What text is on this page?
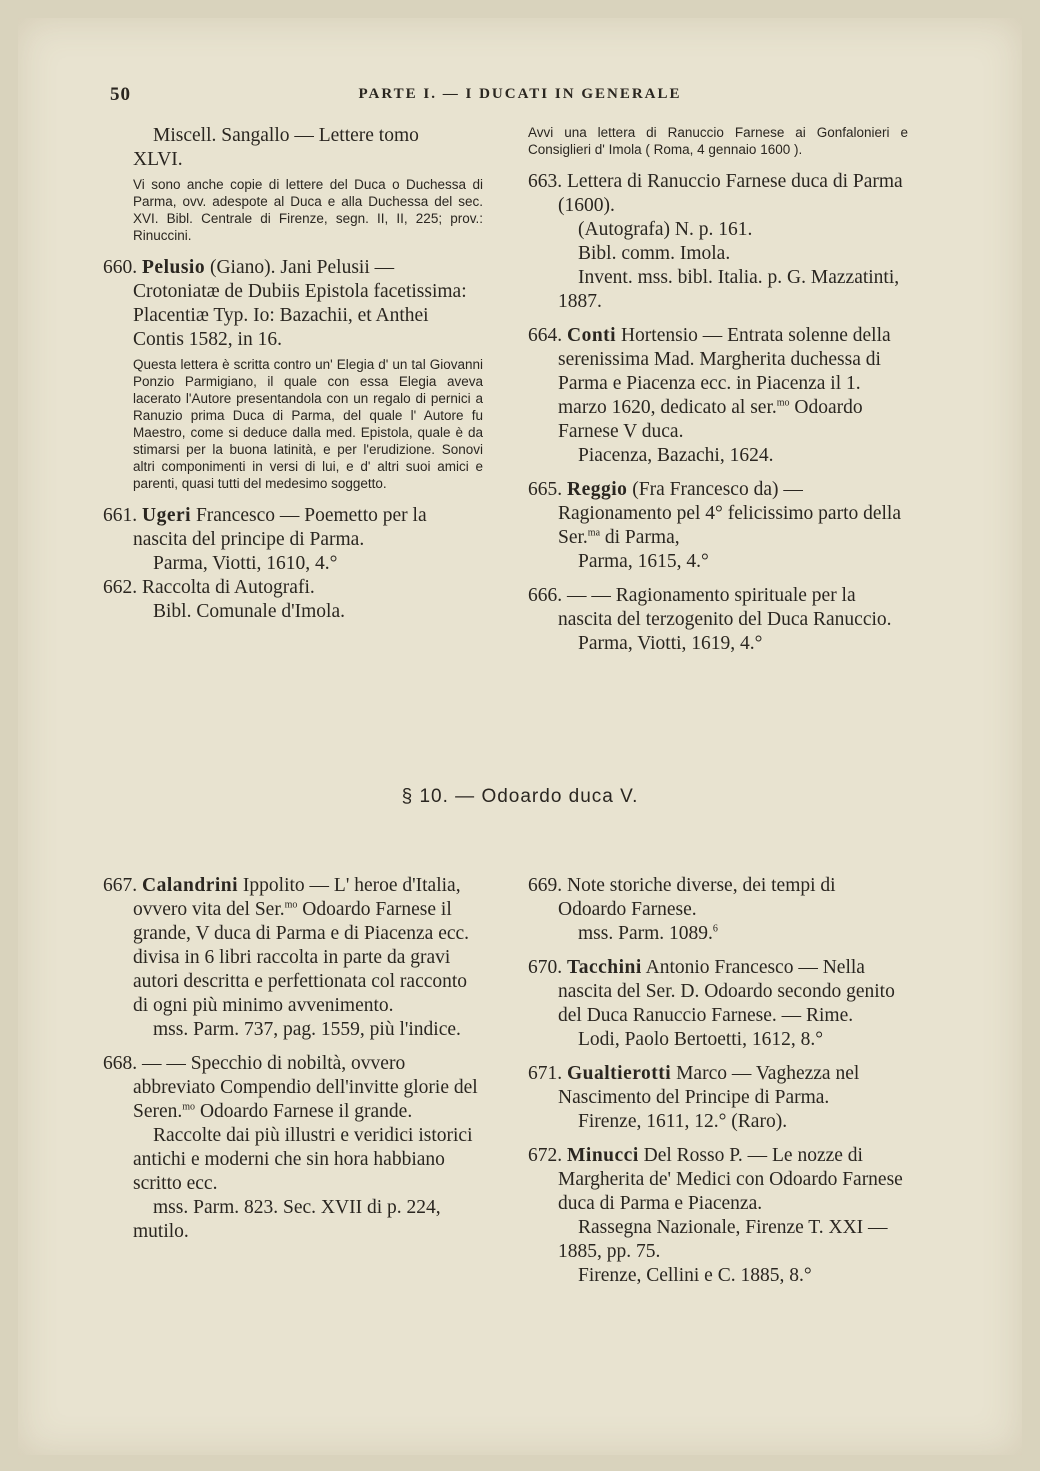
50	PARTE I. — I DUCATI IN GENERALE
Miscell. Sangallo — Lettere tomo
XLVI.
Vi sono anche copie di lettere del Duca o Duchessa di Parma, ovv. adespote al Duca e alla Duchessa del sec. XVI. Bibl. Centrale di Firenze, segn. II, II, 225; prov.: Rinuccini.
660. Pelusio (Giano). Jani Pelusii — Crotoniatæ de Dubiis Epistola facetissima: Placentiæ Typ. Io: Bazachii, et Anthei Contis 1582, in 16.
Questa lettera è scritta contro un' Elegia d' un tal Giovanni Ponzio Parmigiano, il quale con essa Elegia aveva lacerato l'Autore presentandola con un regalo di pernici a Ranuzio prima Duca di Parma, del quale l' Autore fu Maestro, come si deduce dalla med. Epistola, quale è da stimarsi per la buona latinità, e per l'erudizione. Sonovi altri componimenti in versi di lui, e d' altri suoi amici e parenti, quasi tutti del medesimo soggetto.
661. Ugeri Francesco — Poemetto per la nascita del principe di Parma.
Parma, Viotti, 1610, 4.°
662. Raccolta di Autografi.
Bibl. Comunale d'Imola.
Avvi una lettera di Ranuccio Farnese ai Gonfalonieri e Consiglieri d' Imola ( Roma, 4 gennaio 1600 ).
663. Lettera di Ranuccio Farnese duca di Parma (1600).
(Autografa) N. p. 161.
Bibl. comm. Imola.
Invent. mss. bibl. Italia. p. G. Mazzatinti, 1887.
664. Conti Hortensio — Entrata solenne della serenissima Mad. Margherita duchessa di Parma e Piacenza ecc. in Piacenza il 1. marzo 1620, dedicato al ser.$^{mo}$ Odoardo Farnese V duca.
Piacenza, Bazachi, 1624.
665. Reggio (Fra Francesco da) — Ragionamento pel 4° felicissimo parto della Ser.$^{ma}$ di Parma,
Parma, 1615, 4.°
666. — — Ragionamento spirituale per la nascita del terzogenito del Duca Ranuccio.
Parma, Viotti, 1619, 4.°
§ 10. — Odoardo duca V.
667. Calandrini Ippolito — L' heroe d'Italia, ovvero vita del Ser.$^{mo}$ Odoardo Farnese il grande, V duca di Parma e di Piacenza ecc. divisa in 6 libri raccolta in parte da gravi autori descritta e perfettionata col racconto di ogni più minimo avvenimento.
mss. Parm. 737, pag. 1559, più l'indice.
668. — — Specchio di nobiltà, ovvero abbreviato Compendio dell'invitte glorie del Seren.$^{mo}$ Odoardo Farnese il grande.
Raccolte dai più illustri e veridici istorici antichi e moderni che sin hora habbiano scritto ecc.
mss. Parm. 823. Sec. XVII di p. 224, mutilo.
669. Note storiche diverse, dei tempi di Odoardo Farnese.
mss. Parm. 1089.$^6$
670. Tacchini Antonio Francesco — Nella nascita del Ser. D. Odoardo secondo genito del Duca Ranuccio Farnese. — Rime.
Lodi, Paolo Bertoetti, 1612, 8.°
671. Gualtierotti Marco — Vaghezza nel Nascimento del Principe di Parma.
Firenze, 1611, 12.° (Raro).
672. Minucci Del Rosso P. — Le nozze di Margherita de' Medici con Odoardo Farnese duca di Parma e Piacenza.
Rassegna Nazionale, Firenze T. XXI — 1885, pp. 75.
Firenze, Cellini e C. 1885, 8.°
